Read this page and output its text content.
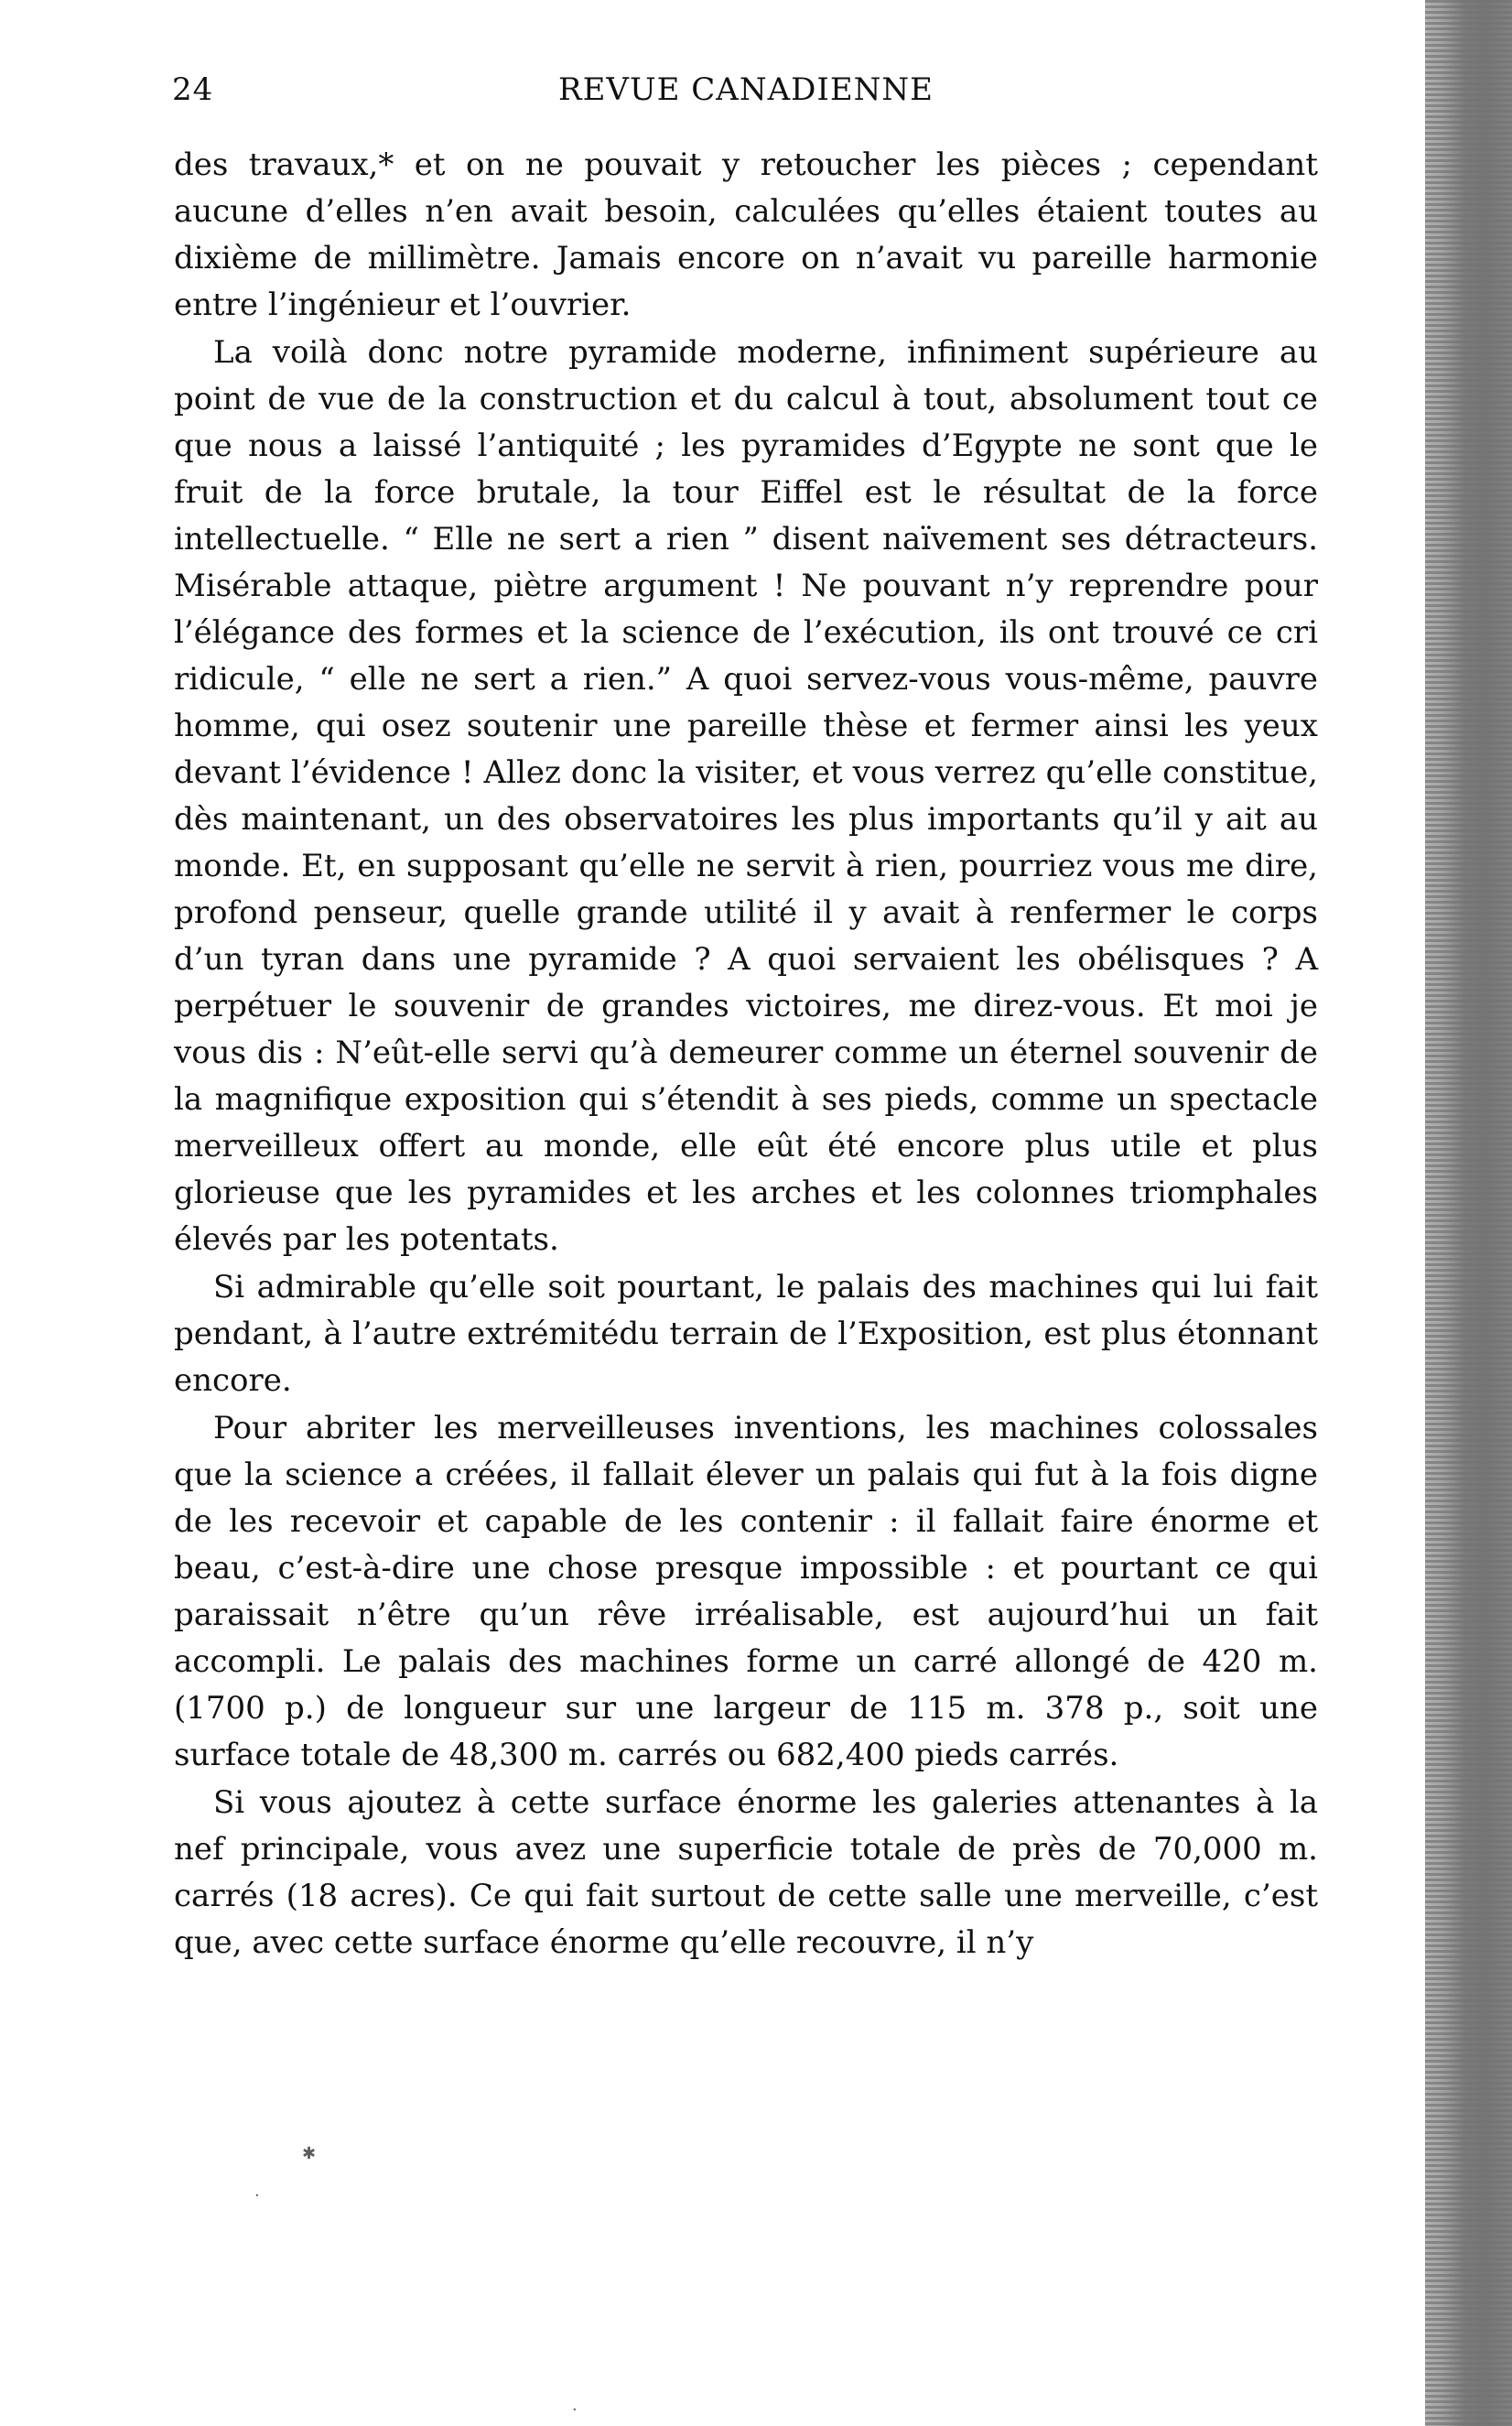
24	REVUE CANADIENNE

des travaux,* et on ne pouvait y retoucher les pièces ; cependant aucune d’elles n’en avait besoin, calculées qu’elles étaient toutes au dixième de millimètre. Jamais encore on n’avait vu pareille harmonie entre l’ingénieur et l’ouvrier.

La voilà donc notre pyramide moderne, infiniment supérieure au point de vue de la construction et du calcul à tout, absolument tout ce que nous a laissé l’antiquité ; les pyramides d’Egypte ne sont que le fruit de la force brutale, la tour Eiffel est le résultat de la force intellectuelle. “ Elle ne sert a rien ” disent naïvement ses détracteurs. Misérable attaque, piètre argument ! Ne pouvant n’y reprendre pour l’élégance des formes et la science de l’exécution, ils ont trouvé ce cri ridicule, “ elle ne sert a rien.” A quoi servez-vous vous-même, pauvre homme, qui osez soutenir une pareille thèse et fermer ainsi les yeux devant l’évidence ! Allez donc la visiter, et vous verrez qu’elle constitue, dès maintenant, un des observatoires les plus importants qu’il y ait au monde. Et, en supposant qu’elle ne servit à rien, pourriez vous me dire, profond penseur, quelle grande utilité il y avait à renfermer le corps d’un tyran dans une pyramide ? A quoi servaient les obélisques ? A perpétuer le souvenir de grandes victoires, me direz-vous. Et moi je vous dis : N’eût-elle servi qu’à demeurer comme un éternel souvenir de la magnifique exposition qui s’étendit à ses pieds, comme un spectacle merveilleux offert au monde, elle eût été encore plus utile et plus glorieuse que les pyramides et les arches et les colonnes triomphales élevés par les potentats.

Si admirable qu’elle soit pourtant, le palais des machines qui lui fait pendant, à l’autre extrémitédu terrain de l’Exposition, est plus étonnant encore.

Pour abriter les merveilleuses inventions, les machines colossales que la science a créées, il fallait élever un palais qui fut à la fois digne de les recevoir et capable de les contenir : il fallait faire énorme et beau, c’est-à-dire une chose presque impossible : et pourtant ce qui paraissait n’être qu’un rêve irréalisable, est aujourd’hui un fait accompli. Le palais des machines forme un carré allongé de 420 m. (1700 p.) de longueur sur une largeur de 115 m. 378 p., soit une surface totale de 48,300 m. carrés ou 682,400 pieds carrés.

Si vous ajoutez à cette surface énorme les galeries attenantes à la nef principale, vous avez une superficie totale de près de 70,000 m. carrés (18 acres). Ce qui fait surtout de cette salle une merveille, c’est que, avec cette surface énorme qu’elle recouvre, il n’y

✱
·
·
